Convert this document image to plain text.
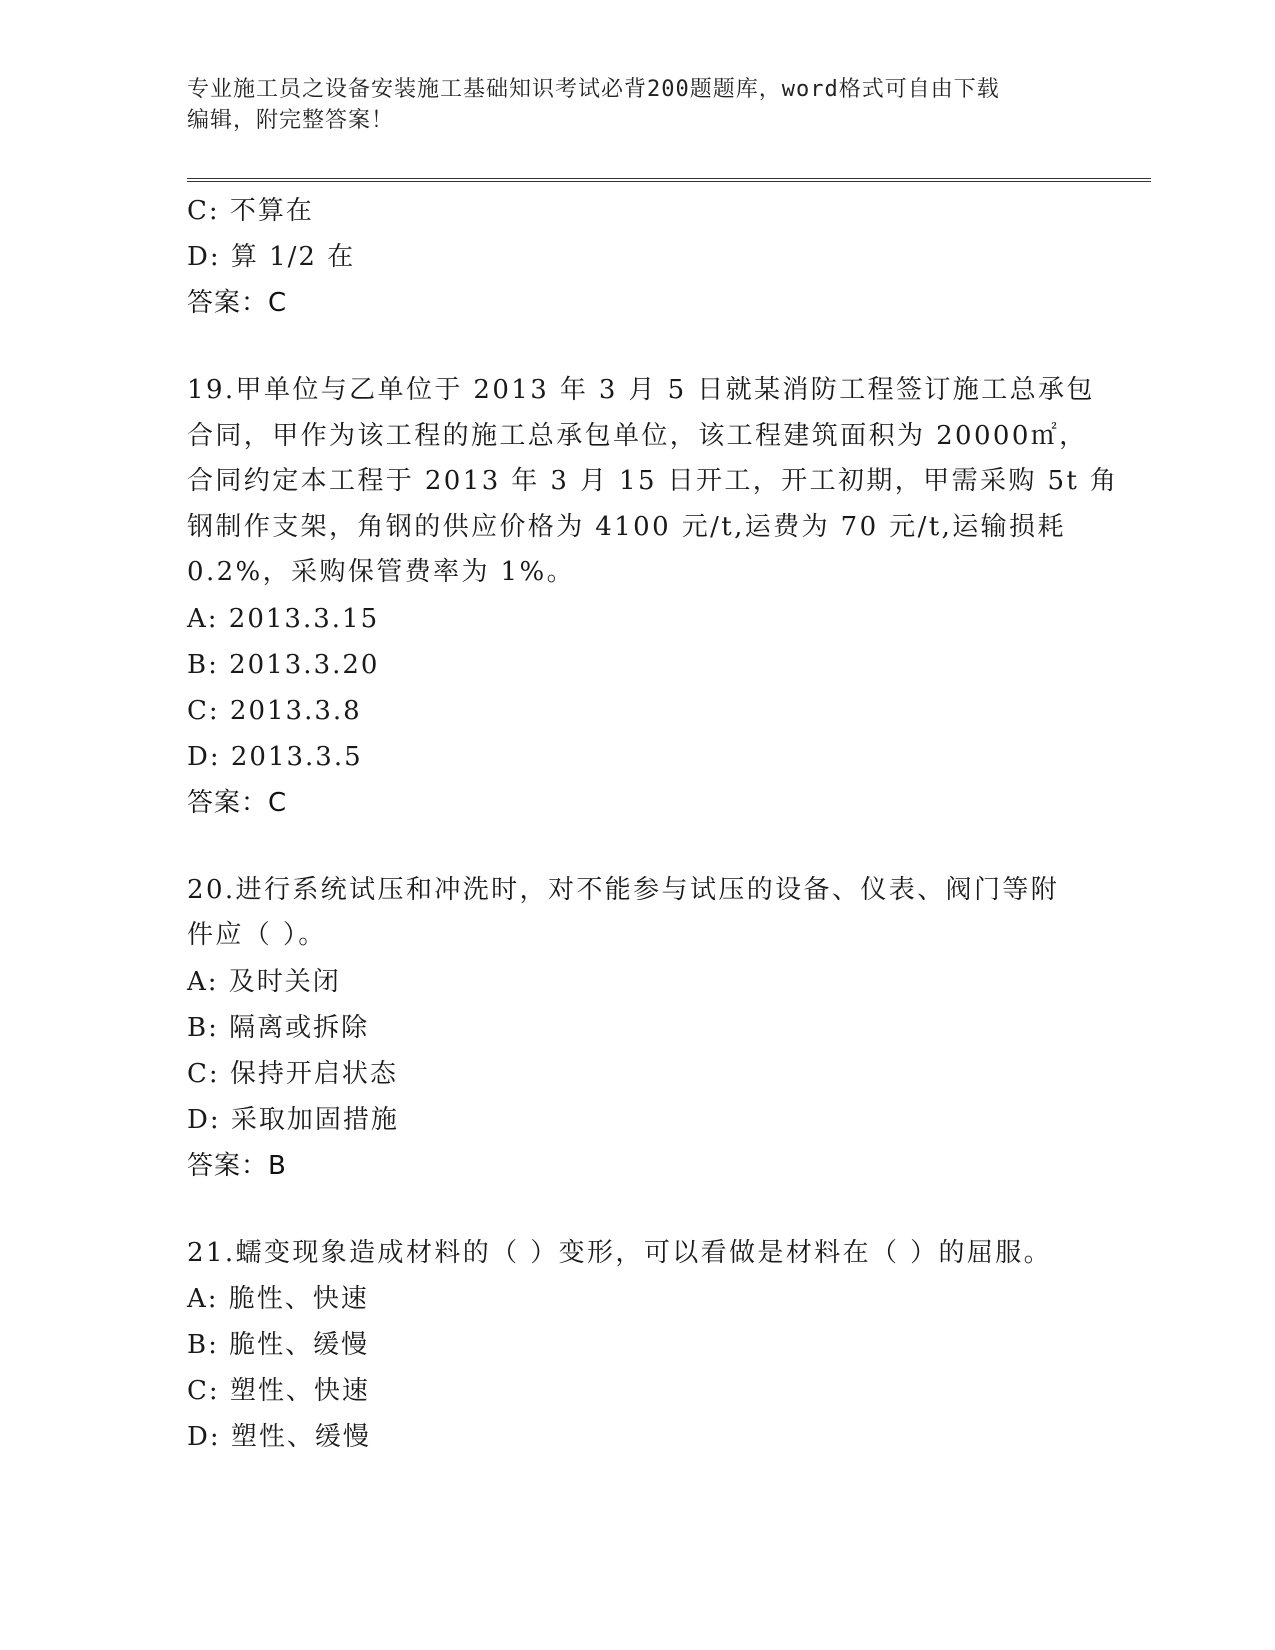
专业施工员之设备安装施工基础知识考试必背200题题库，word格式可自由下载
编辑，附完整答案！
C: 不算在
D: 算 1/2 在
答案：C
19.甲单位与乙单位于 2013 年 3 月 5 日就某消防工程签订施工总承包
合同，甲作为该工程的施工总承包单位，该工程建筑面积为 20000㎡，
合同约定本工程于 2013 年 3 月 15 日开工，开工初期，甲需采购 5t 角
钢制作支架，角钢的供应价格为 4100 元/t,运费为 70 元/t,运输损耗
0.2%，采购保管费率为 1%。
A: 2013.3.15
B: 2013.3.20
C: 2013.3.8
D: 2013.3.5
答案：C
20.进行系统试压和冲洗时，对不能参与试压的设备、仪表、阀门等附
件应（ ）。
A: 及时关闭
B: 隔离或拆除
C: 保持开启状态
D: 采取加固措施
答案：B
21.蠕变现象造成材料的（ ）变形，可以看做是材料在（ ）的屈服。
A: 脆性、快速
B: 脆性、缓慢
C: 塑性、快速
D: 塑性、缓慢
